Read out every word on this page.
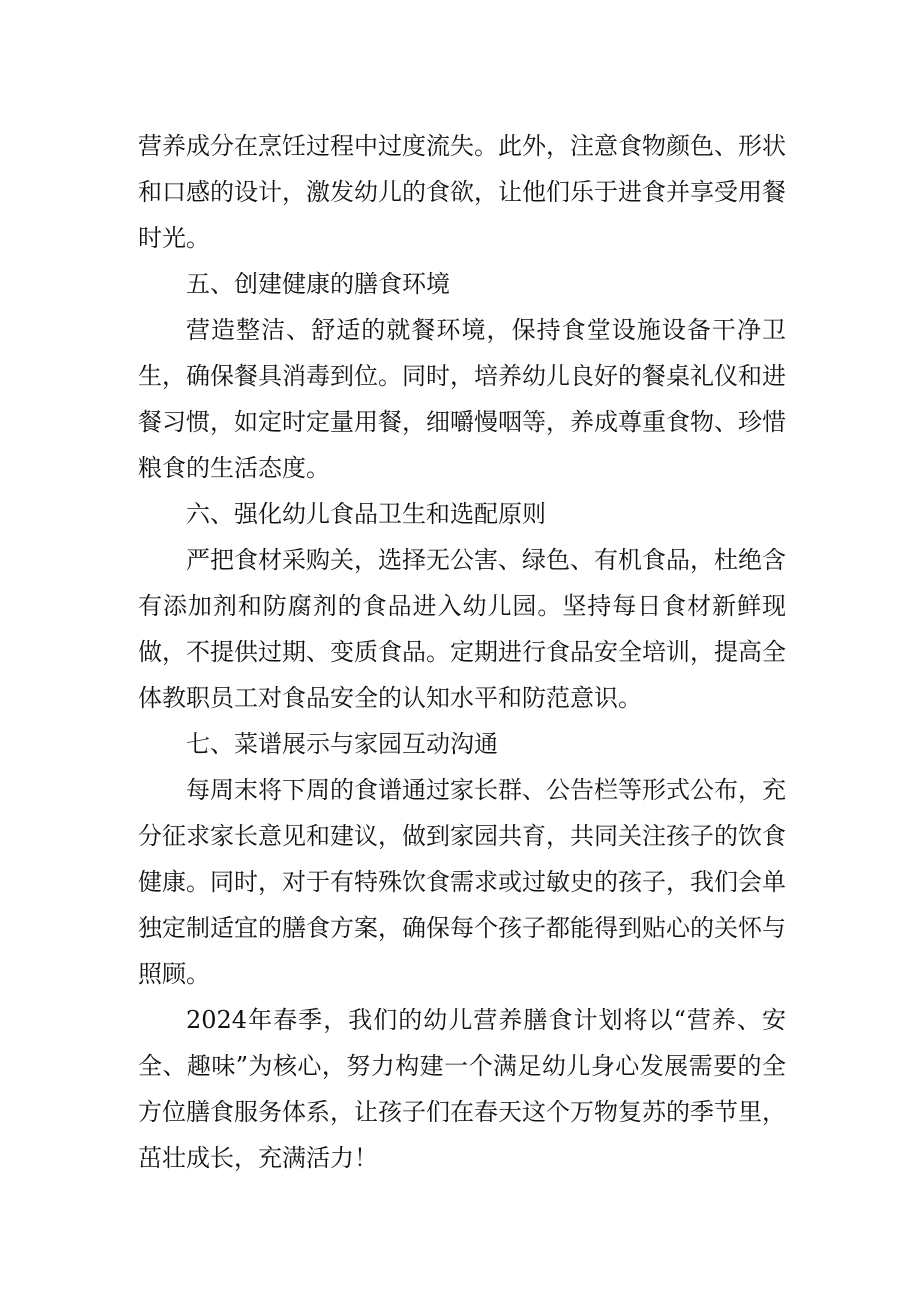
营养成分在烹饪过程中过度流失。此外，注意食物颜色、形状和口感的设计，激发幼儿的食欲，让他们乐于进食并享受用餐时光。

五、创建健康的膳食环境

营造整洁、舒适的就餐环境，保持食堂设施设备干净卫生，确保餐具消毒到位。同时，培养幼儿良好的餐桌礼仪和进餐习惯，如定时定量用餐，细嚼慢咽等，养成尊重食物、珍惜粮食的生活态度。

六、强化幼儿食品卫生和选配原则

严把食材采购关，选择无公害、绿色、有机食品，杜绝含有添加剂和防腐剂的食品进入幼儿园。坚持每日食材新鲜现做，不提供过期、变质食品。定期进行食品安全培训，提高全体教职员工对食品安全的认知水平和防范意识。

七、菜谱展示与家园互动沟通

每周末将下周的食谱通过家长群、公告栏等形式公布，充分征求家长意见和建议，做到家园共育，共同关注孩子的饮食健康。同时，对于有特殊饮食需求或过敏史的孩子，我们会单独定制适宜的膳食方案，确保每个孩子都能得到贴心的关怀与照顾。

2024年春季，我们的幼儿营养膳食计划将以“营养、安全、趣味”为核心，努力构建一个满足幼儿身心发展需要的全方位膳食服务体系，让孩子们在春天这个万物复苏的季节里，茁壮成长，充满活力！
